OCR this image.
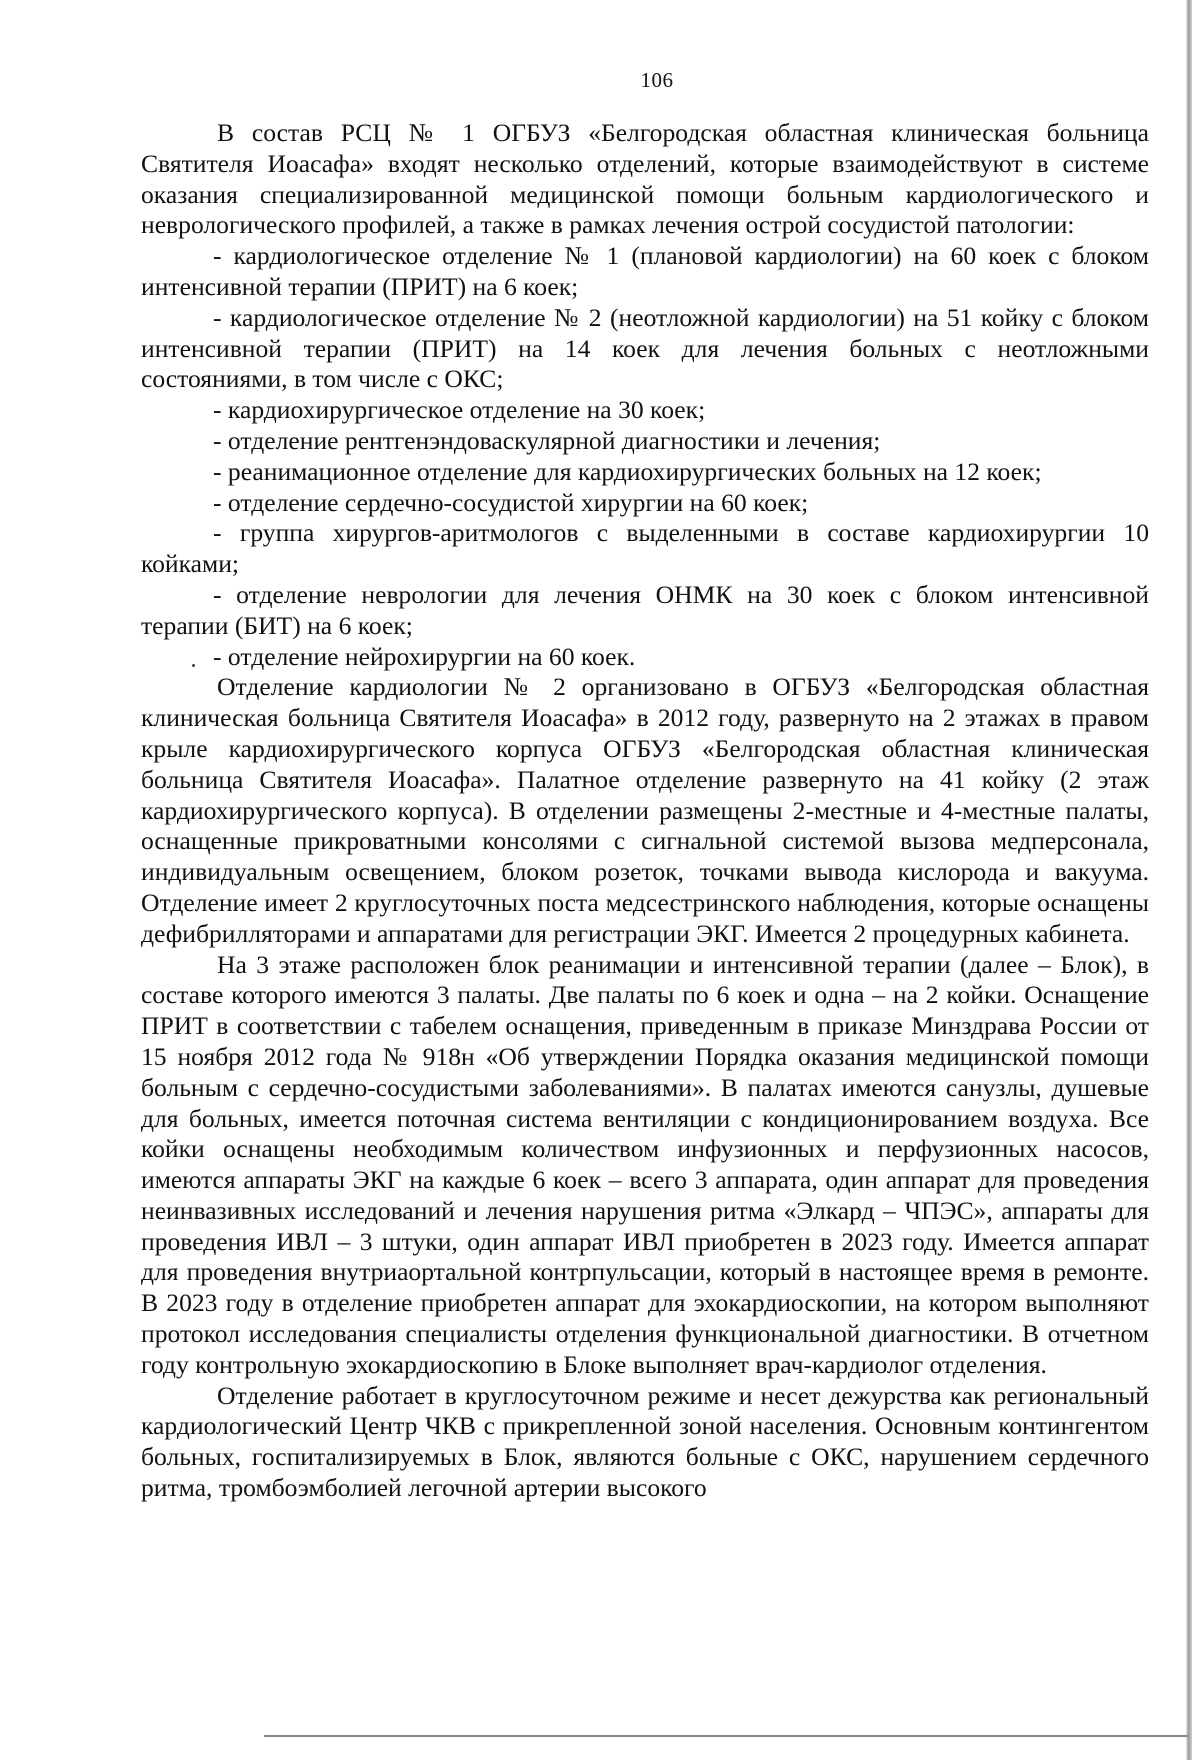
106

В состав РСЦ № 1 ОГБУЗ «Белгородская областная клиническая больница Святителя Иоасафа» входят несколько отделений, которые взаимодействуют в системе оказания специализированной медицинской помощи больным кардиологического и неврологического профилей, а также в рамках лечения острой сосудистой патологии:

- кардиологическое отделение № 1 (плановой кардиологии) на 60 коек с блоком интенсивной терапии (ПРИТ) на 6 коек;

- кардиологическое отделение № 2 (неотложной кардиологии) на 51 койку с блоком интенсивной терапии (ПРИТ) на 14 коек для лечения больных с неотложными состояниями, в том числе с ОКС;

- кардиохирургическое отделение на 30 коек;

- отделение рентгенэндоваскулярной диагностики и лечения;

- реанимационное отделение для кардиохирургических больных на 12 коек;

- отделение сердечно-сосудистой хирургии на 60 коек;

- группа хирургов-аритмологов с выделенными в составе кардиохирургии 10 койками;

- отделение неврологии для лечения ОНМК на 30 коек с блоком интенсивной терапии (БИТ) на 6 коек;

- отделение нейрохирургии на 60 коек.

Отделение кардиологии № 2 организовано в ОГБУЗ «Белгородская областная клиническая больница Святителя Иоасафа» в 2012 году, развернуто на 2 этажах в правом крыле кардиохирургического корпуса ОГБУЗ «Белгородская областная клиническая больница Святителя Иоасафа». Палатное отделение развернуто на 41 койку (2 этаж кардиохирургического корпуса). В отделении размещены 2-местные и 4-местные палаты, оснащенные прикроватными консолями с сигнальной системой вызова медперсонала, индивидуальным освещением, блоком розеток, точками вывода кислорода и вакуума. Отделение имеет 2 круглосуточных поста медсестринского наблюдения, которые оснащены дефибрилляторами и аппаратами для регистрации ЭКГ. Имеется 2 процедурных кабинета.

На 3 этаже расположен блок реанимации и интенсивной терапии (далее – Блок), в составе которого имеются 3 палаты. Две палаты по 6 коек и одна – на 2 койки. Оснащение ПРИТ в соответствии с табелем оснащения, приведенным в приказе Минздрава России от 15 ноября 2012 года № 918н «Об утверждении Порядка оказания медицинской помощи больным с сердечно-сосудистыми заболеваниями». В палатах имеются санузлы, душевые для больных, имеется поточная система вентиляции с кондиционированием воздуха. Все койки оснащены необходимым количеством инфузионных и перфузионных насосов, имеются аппараты ЭКГ на каждые 6 коек – всего 3 аппарата, один аппарат для проведения неинвазивных исследований и лечения нарушения ритма «Элкард – ЧПЭС», аппараты для проведения ИВЛ – 3 штуки, один аппарат ИВЛ приобретен в 2023 году. Имеется аппарат для проведения внутриаортальной контрпульсации, который в настоящее время в ремонте. В 2023 году в отделение приобретен аппарат для эхокардиоскопии, на котором выполняют протокол исследования специалисты отделения функциональной диагностики. В отчетном году контрольную эхокардиоскопию в Блоке выполняет врач-кардиолог отделения.

Отделение работает в круглосуточном режиме и несет дежурства как региональный кардиологический Центр ЧКВ с прикрепленной зоной населения. Основным контингентом больных, госпитализируемых в Блок, являются больные с ОКС, нарушением сердечного ритма, тромбоэмболией легочной артерии высокого
